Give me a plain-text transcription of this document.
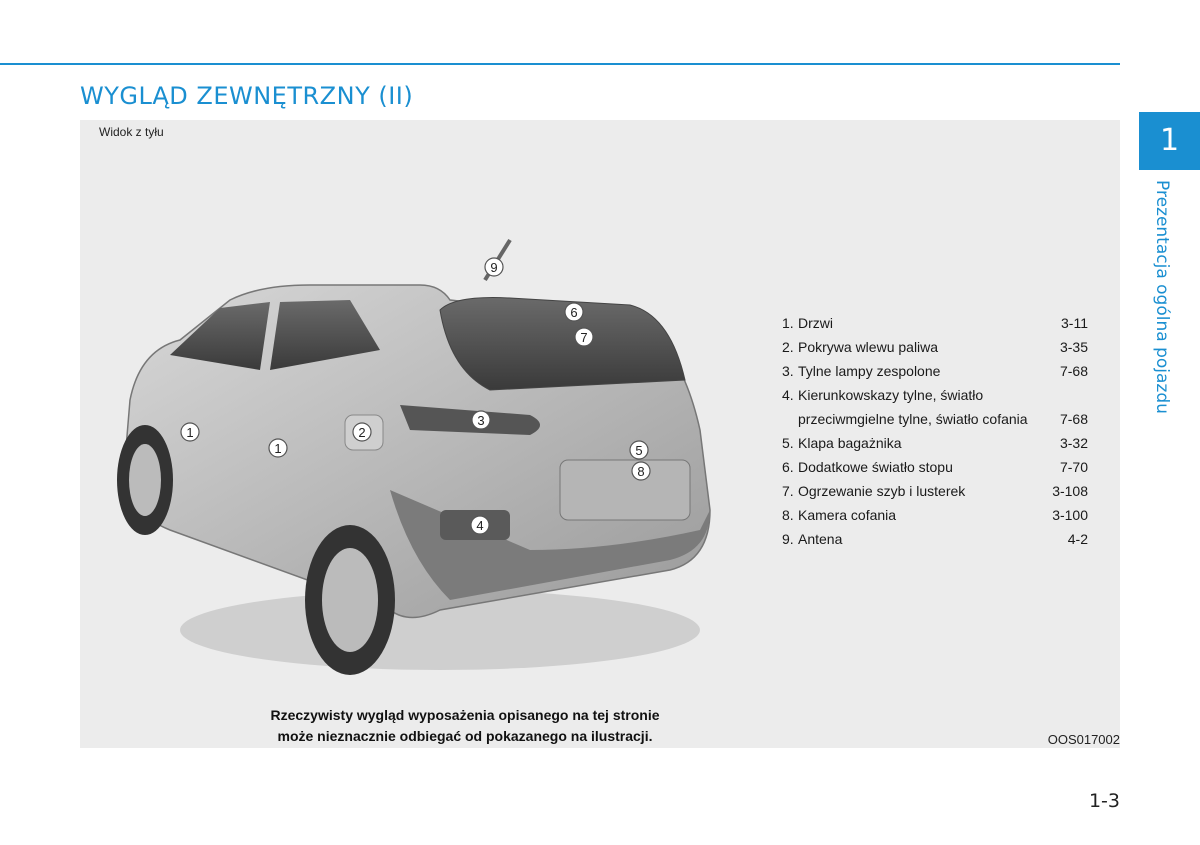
WYGLĄD ZEWNĘTRZNY (II)
1
Prezentacja ogólna pojazdu
Widok z tyłu
1
1
2
3
4
5
6
7
8
9
1. Drzwi	3-11
2. Pokrywa wlewu paliwa	3-35
3. Tylne lampy zespolone	7-68
4. Kierunkowskazy tylne, światło
przeciwmgielne tylne, światło cofania	7-68
5. Klapa bagażnika	3-32
6. Dodatkowe światło stopu	7-70
7. Ogrzewanie szyb i lusterek	3-108
8. Kamera cofania	3-100
9. Antena	4-2
Rzeczywisty wygląd wyposażenia opisanego na tej stronie
może nieznacznie odbiegać od pokazanego na ilustracji.	OOS017002
1-3
